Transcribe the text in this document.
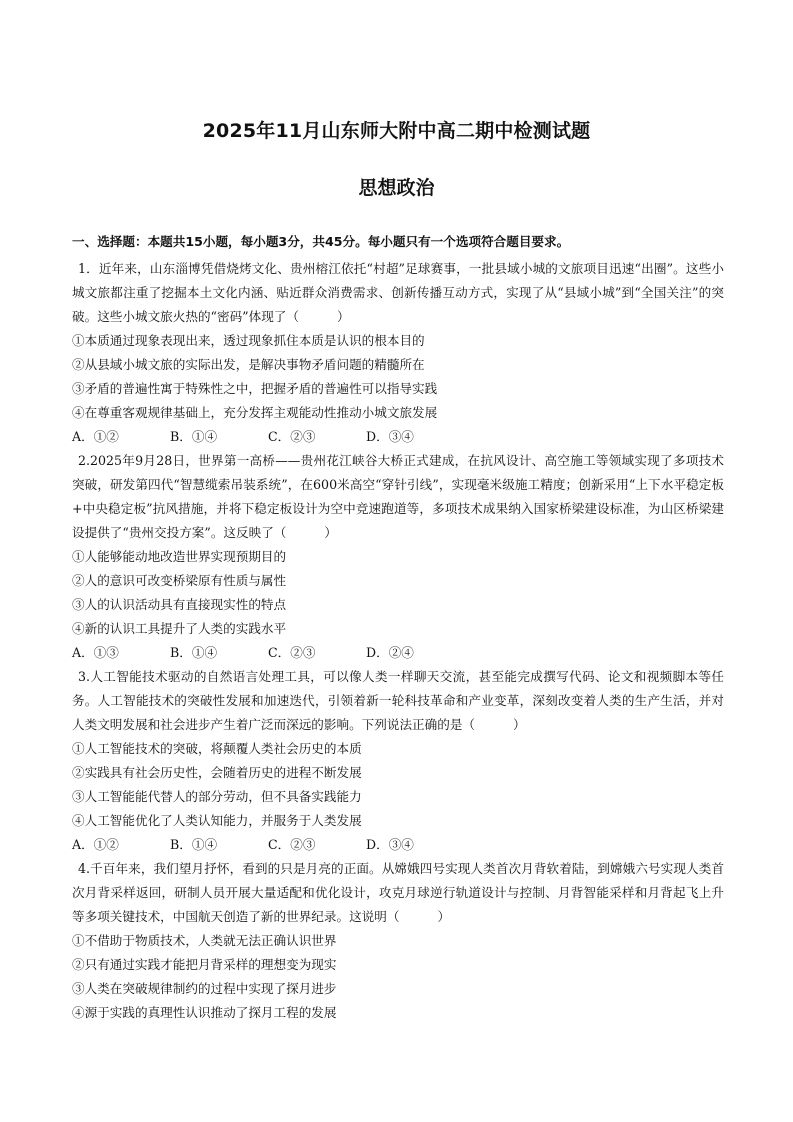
2025年11月山东师大附中高二期中检测试题
思想政治
一、选择题：本题共15小题，每小题3分，共45分。每小题只有一个选项符合题目要求。

1．近年来，山东淄博凭借烧烤文化、贵州榕江依托“村超”足球赛事，一批县域小城的文旅项目迅速“出圈”。这些小城文旅都注重了挖掘本土文化内涵、贴近群众消费需求、创新传播互动方式，实现了从“县域小城”到“全国关注”的突破。这些小城文旅火热的“密码”体现了（	）

①本质通过现象表现出来，透过现象抓住本质是认识的根本目的
②从县域小城文旅的实际出发，是解决事物矛盾问题的精髓所在
③矛盾的普遍性寓于特殊性之中，把握矛盾的普遍性可以指导实践
④在尊重客观规律基础上，充分发挥主观能动性推动小城文旅发展
A．①②	B．①④	C．②③	D．③④

2.2025年9月28日，世界第一高桥——贵州花江峡谷大桥正式建成，在抗风设计、高空施工等领域实现了多项技术突破，研发第四代“智慧缆索吊装系统”，在600米高空“穿针引线”，实现毫米级施工精度；创新采用“上下水平稳定板+中央稳定板”抗风措施，并将下稳定板设计为空中竞速跑道等，多项技术成果纳入国家桥梁建设标准，为山区桥梁建设提供了“贵州交投方案”。这反映了（	）

①人能够能动地改造世界实现预期目的
②人的意识可改变桥梁原有性质与属性
③人的认识活动具有直接现实性的特点
④新的认识工具提升了人类的实践水平
A．①③	B．①④	C．②③	D．②④

3.人工智能技术驱动的自然语言处理工具，可以像人类一样聊天交流，甚至能完成撰写代码、论文和视频脚本等任务。人工智能技术的突破性发展和加速迭代，引领着新一轮科技革命和产业变革，深刻改变着人类的生产生活，并对人类文明发展和社会进步产生着广泛而深远的影响。下列说法正确的是（	）

①人工智能技术的突破，将颠覆人类社会历史的本质
②实践具有社会历史性，会随着历史的进程不断发展
③人工智能能代替人的部分劳动，但不具备实践能力
④人工智能优化了人类认知能力，并服务于人类发展
A．①②	B．①④	C．②③	D．③④

4.千百年来，我们望月抒怀，看到的只是月亮的正面。从嫦娥四号实现人类首次月背软着陆，到嫦娥六号实现人类首次月背采样返回，研制人员开展大量适配和优化设计，攻克月球逆行轨道设计与控制、月背智能采样和月背起飞上升等多项关键技术，中国航天创造了新的世界纪录。这说明（	）

①不借助于物质技术，人类就无法正确认识世界
②只有通过实践才能把月背采样的理想变为现实
③人类在突破规律制约的过程中实现了探月进步
④源于实践的真理性认识推动了探月工程的发展
